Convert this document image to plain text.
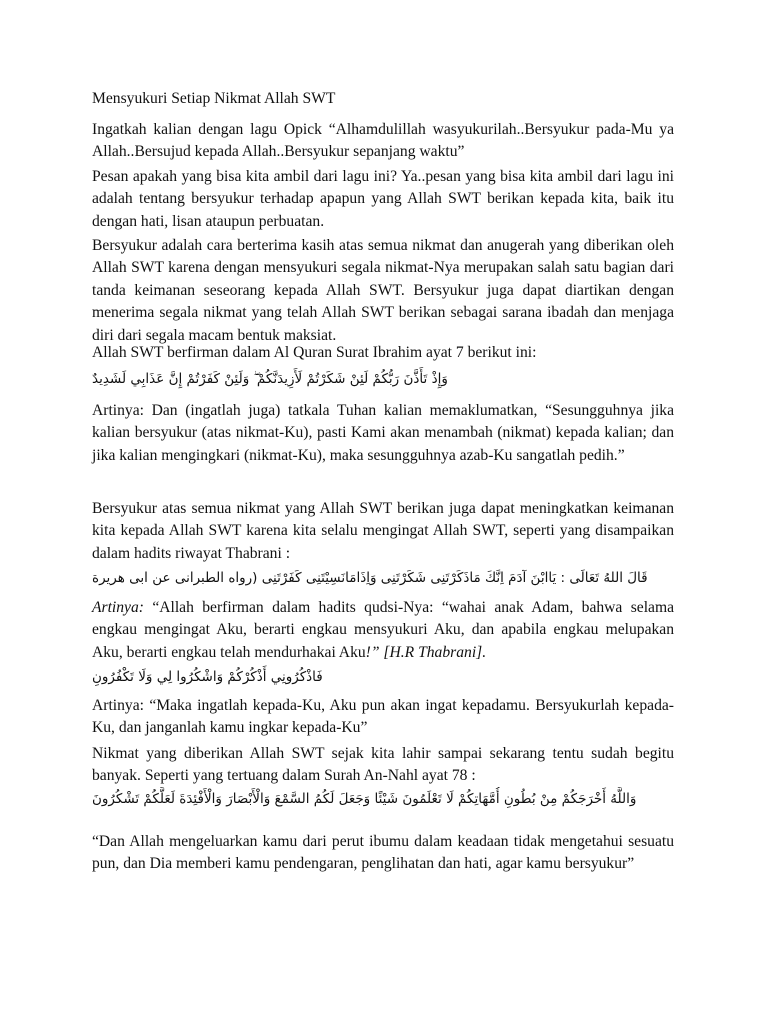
Mensyukuri Setiap Nikmat Allah SWT

Ingatkah kalian dengan lagu Opick “Alhamdulillah wasyukurilah..Bersyukur pada-Mu ya Allah..Bersujud kepada Allah..Bersyukur sepanjang waktu”

Pesan apakah yang bisa kita ambil dari lagu ini? Ya..pesan yang bisa kita ambil dari lagu ini adalah tentang bersyukur terhadap apapun yang Allah SWT berikan kepada kita, baik itu dengan hati, lisan ataupun perbuatan.

Bersyukur adalah cara berterima kasih atas semua nikmat dan anugerah yang diberikan oleh Allah SWT karena dengan mensyukuri segala nikmat-Nya merupakan salah satu bagian dari tanda keimanan seseorang kepada Allah SWT. Bersyukur juga dapat diartikan dengan menerima segala nikmat yang telah Allah SWT berikan sebagai sarana ibadah dan menjaga diri dari segala macam bentuk maksiat.

Allah SWT berfirman dalam Al Quran Surat Ibrahim ayat 7 berikut ini:

وَإِذْ تَأَذَّنَ رَبُّكُمْ لَئِنْ شَكَرْتُمْ لَأَزِيدَنَّكُمْ ۖ وَلَئِنْ كَفَرْتُمْ إِنَّ عَذَابِي لَشَدِيدٌ

Artinya: Dan (ingatlah juga) tatkala Tuhan kalian memaklumatkan, “Sesungguhnya jika kalian bersyukur (atas nikmat-Ku), pasti Kami akan menambah (nikmat) kepada kalian; dan jika kalian mengingkari (nikmat-Ku), maka sesungguhnya azab-Ku sangatlah pedih.”

Bersyukur atas semua nikmat yang Allah SWT berikan juga dapat meningkatkan keimanan kita kepada Allah SWT karena kita selalu mengingat Allah SWT, seperti yang disampaikan dalam hadits riwayat Thabrani :

قَالَ اللهُ تَعَالَى : يَاابْنَ آدَمَ اِنَّكَ مَاذَكَرْتَنِى شَكَرْتَنِى وَاِذَامَانَسِيْتَنِى كَفَرْتَنِى (رواه الطبرانى عن ابى هريرة

Artinya: “Allah berfirman dalam hadits qudsi-Nya: “wahai anak Adam, bahwa selama engkau mengingat Aku, berarti engkau mensyukuri Aku, dan apabila engkau melupakan Aku, berarti engkau telah mendurhakai Aku!” [H.R Thabrani].

فَاذْكُرُونِي أَذْكُرْكُمْ وَاشْكُرُوا لِي وَلَا تَكْفُرُونِ

Artinya: “Maka ingatlah kepada-Ku, Aku pun akan ingat kepadamu. Bersyukurlah kepada-Ku, dan janganlah kamu ingkar kepada-Ku”

Nikmat yang diberikan Allah SWT sejak kita lahir sampai sekarang tentu sudah begitu banyak. Seperti yang tertuang dalam Surah An-Nahl ayat 78 :

وَاللَّهُ أَخْرَجَكُمْ مِنْ بُطُونِ أُمَّهَاتِكُمْ لَا تَعْلَمُونَ شَيْئًا وَجَعَلَ لَكُمُ السَّمْعَ وَالْأَبْصَارَ وَالْأَفْئِدَةَ لَعَلَّكُمْ تَشْكُرُونَ

“Dan Allah mengeluarkan kamu dari perut ibumu dalam keadaan tidak mengetahui sesuatu pun, dan Dia memberi kamu pendengaran, penglihatan dan hati, agar kamu bersyukur”
